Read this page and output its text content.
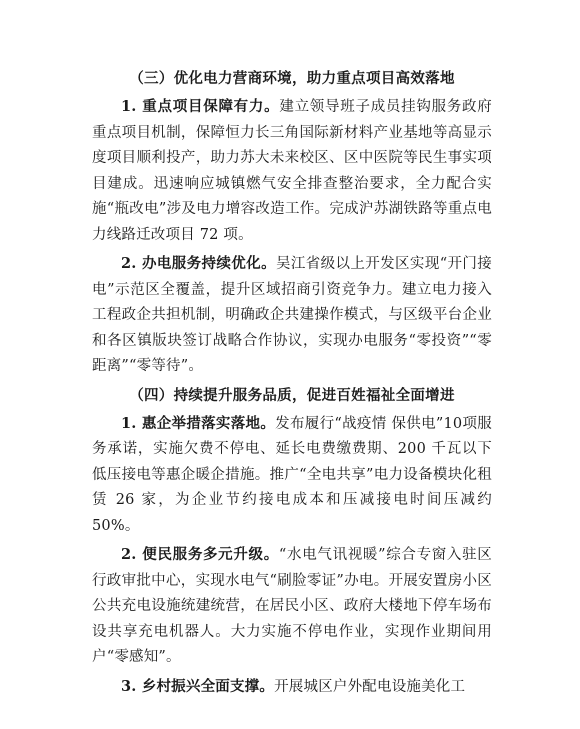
（三）优化电力营商环境，助力重点项目高效落地

1. 重点项目保障有力。建立领导班子成员挂钩服务政府重点项目机制，保障恒力长三角国际新材料产业基地等高显示度项目顺利投产，助力苏大未来校区、区中医院等民生事实项目建成。迅速响应城镇燃气安全排查整治要求，全力配合实施“瓶改电”涉及电力增容改造工作。完成沪苏湖铁路等重点电力线路迁改项目 72 项。

2. 办电服务持续优化。吴江省级以上开发区实现“开门接电”示范区全覆盖，提升区域招商引资竞争力。建立电力接入工程政企共担机制，明确政企共建操作模式，与区级平台企业和各区镇版块签订战略合作协议，实现办电服务“零投资”“零距离”“零等待”。

（四）持续提升服务品质，促进百姓福祉全面增进

1. 惠企举措落实落地。发布履行“战疫情 保供电”10项服务承诺，实施欠费不停电、延长电费缴费期、200 千瓦以下低压接电等惠企暖企措施。推广“全电共享”电力设备模块化租赁 26 家，为企业节约接电成本和压减接电时间压减约 50%。

2. 便民服务多元升级。“水电气讯视暖”综合专窗入驻区行政审批中心，实现水电气“刷脸零证”办电。开展安置房小区公共充电设施统建统营，在居民小区、政府大楼地下停车场布设共享充电机器人。大力实施不停电作业，实现作业期间用户“零感知”。

3. 乡村振兴全面支撑。开展城区户外配电设施美化工
